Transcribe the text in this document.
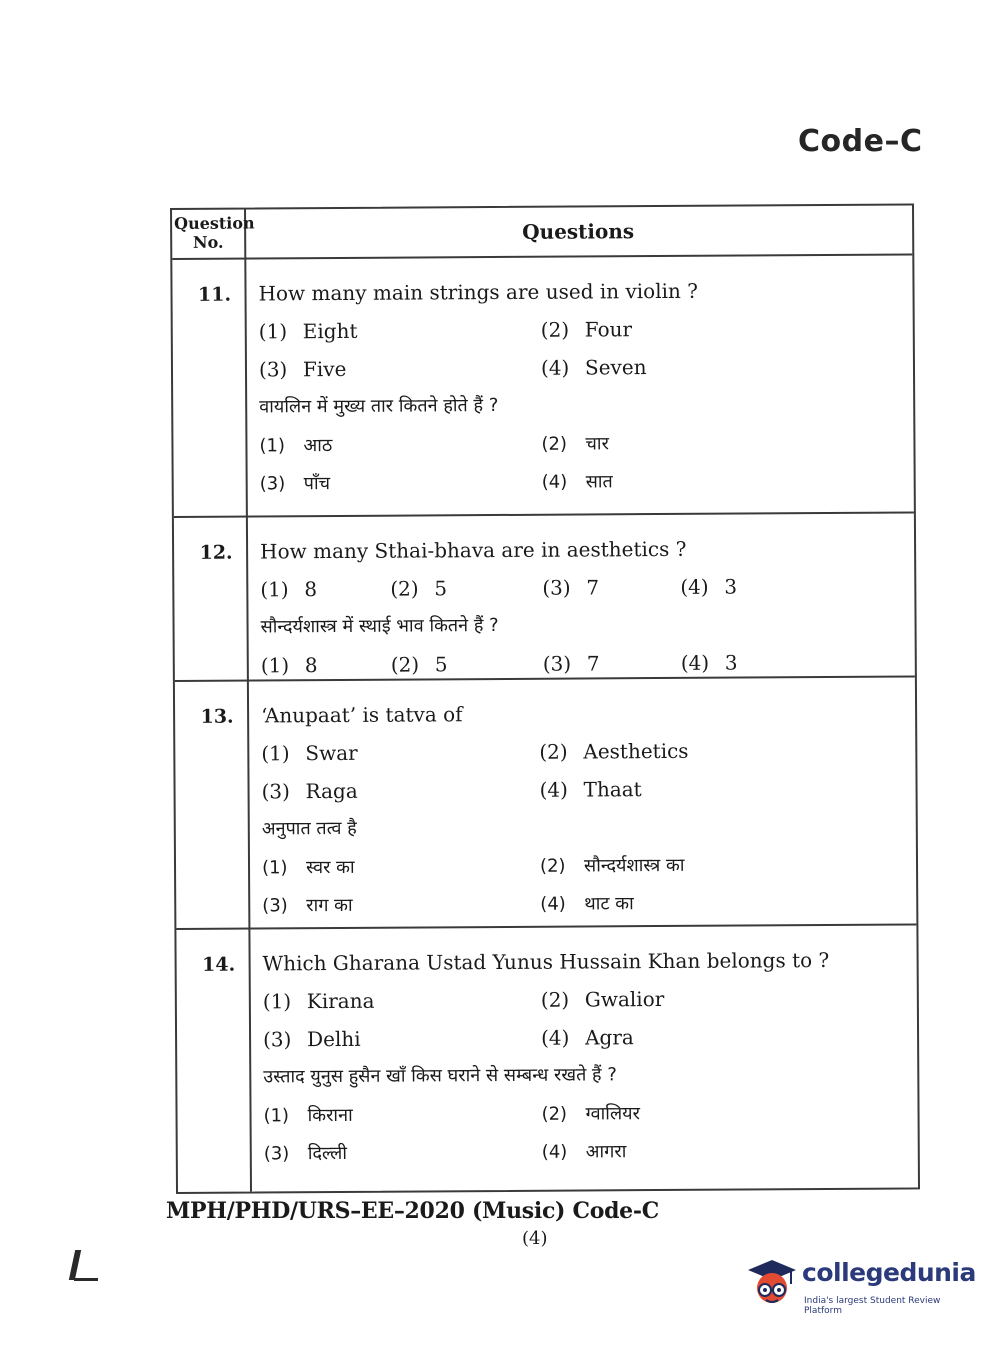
Code–C
Question
No.	Questions
11.	How many main strings are used in violin ?
(1) Eight	(2) Four
(3) Five	(4) Seven
वायलिन में मुख्य तार कितने होते हैं ?
(1) आठ	(2) चार
(3) पाँच	(4) सात
12.	How many Sthai-bhava are in aesthetics ?
(1) 8	(2) 5	(3) 7	(4) 3
सौन्दर्यशास्त्र में स्थाई भाव कितने हैं ?
(1) 8	(2) 5	(3) 7	(4) 3
13.	‘Anupaat’ is tatva of
(1) Swar	(2) Aesthetics
(3) Raga	(4) Thaat
अनुपात तत्व है
(1) स्वर का	(2) सौन्दर्यशास्त्र का
(3) राग का	(4) थाट का
14.	Which Gharana Ustad Yunus Hussain Khan belongs to ?
(1) Kirana	(2) Gwalior
(3) Delhi	(4) Agra
उस्ताद युनुस हुसैन खाँ किस घराने से सम्बन्ध रखते हैं ?
(1) किराना	(2) ग्वालियर
(3) दिल्ली	(4) आगरा
MPH/PHD/URS–EE–2020 (Music) Code-C
(4)
collegedunia
India's largest Student Review Platform
